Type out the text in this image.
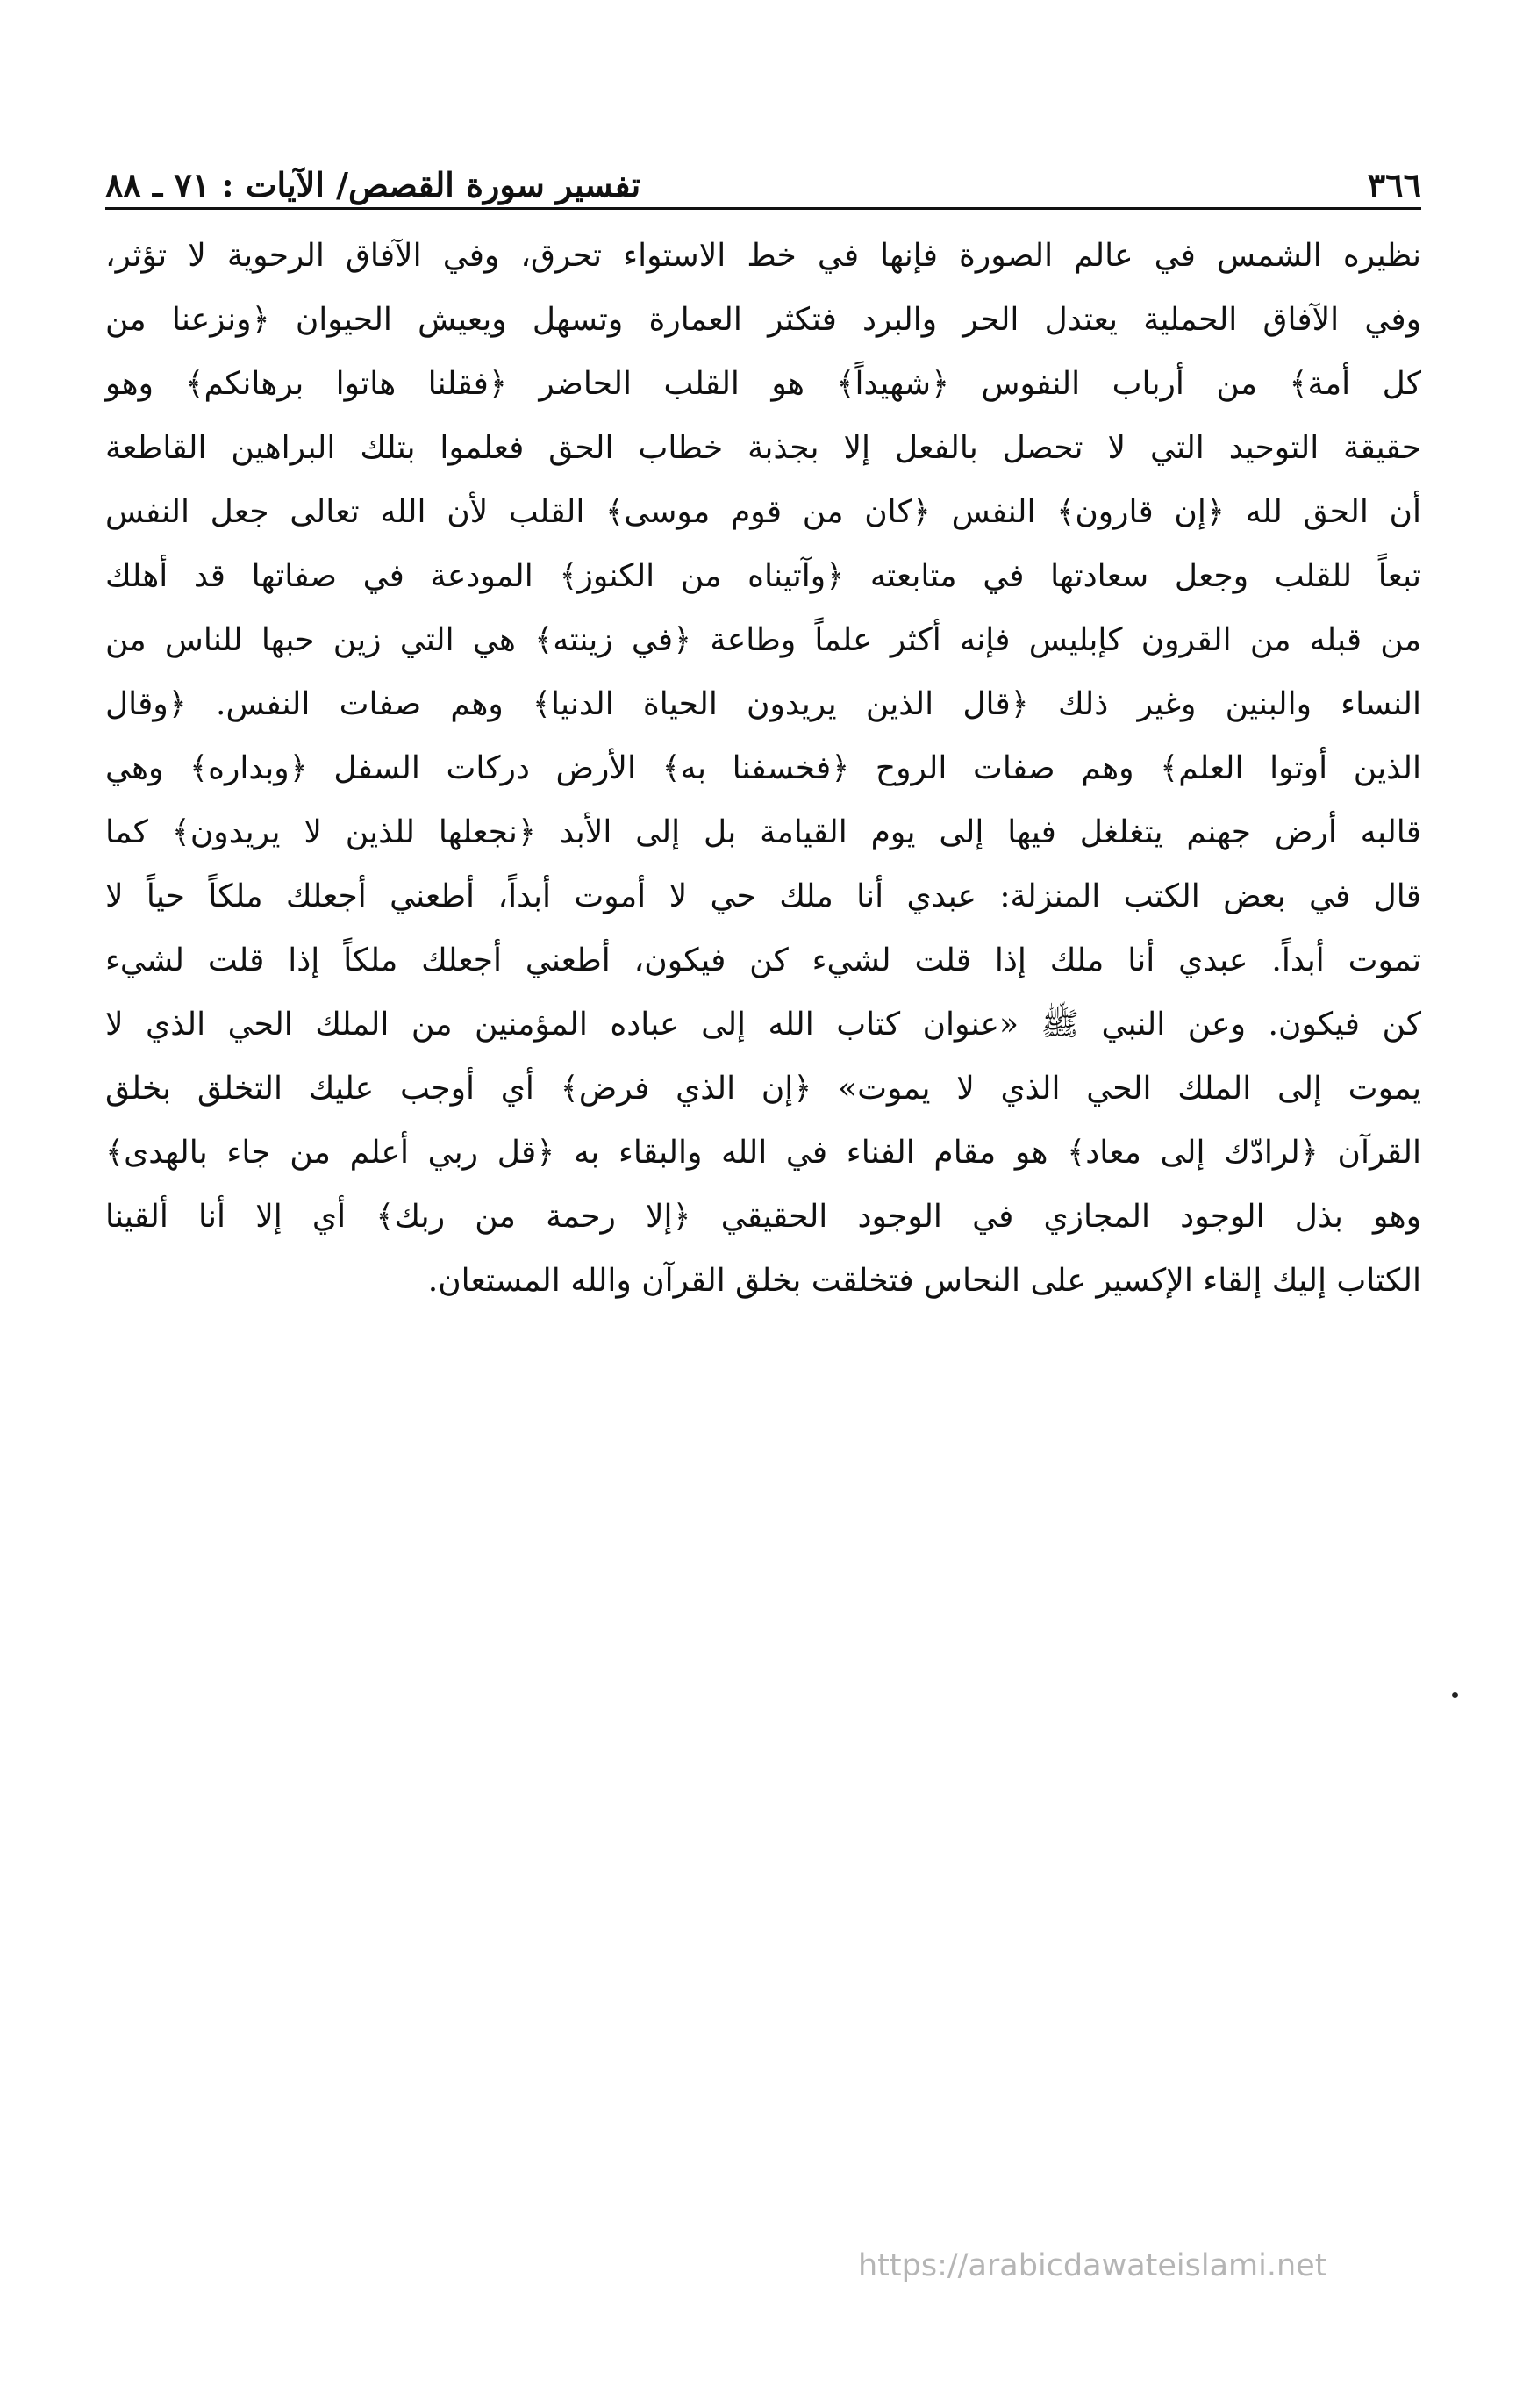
٣٦٦
تفسير سورة القصص/ الآيات : ٧١ ـ ٨٨
نظيره الشمس في عالم الصورة فإنها في خط الاستواء تحرق، وفي الآفاق الرحوية لا تؤثر،
وفي الآفاق الحملية يعتدل الحر والبرد فتكثر العمارة وتسهل ويعيش الحيوان ﴿ونزعنا من
كل أمة﴾ من أرباب النفوس ﴿شهيداً﴾ هو القلب الحاضر ﴿فقلنا هاتوا برهانكم﴾ وهو
حقيقة التوحيد التي لا تحصل بالفعل إلا بجذبة خطاب الحق فعلموا بتلك البراهين القاطعة
أن الحق لله ﴿إن قارون﴾ النفس ﴿كان من قوم موسى﴾ القلب لأن الله تعالى جعل النفس
تبعاً للقلب وجعل سعادتها في متابعته ﴿وآتيناه من الكنوز﴾ المودعة في صفاتها قد أهلك
من قبله من القرون كإبليس فإنه أكثر علماً وطاعة ﴿في زينته﴾ هي التي زين حبها للناس من
النساء والبنين وغير ذلك ﴿قال الذين يريدون الحياة الدنيا﴾ وهم صفات النفس. ﴿وقال
الذين أوتوا العلم﴾ وهم صفات الروح ﴿فخسفنا به﴾ الأرض دركات السفل ﴿وبداره﴾ وهي
قالبه أرض جهنم يتغلغل فيها إلى يوم القيامة بل إلى الأبد ﴿نجعلها للذين لا يريدون﴾ كما
قال في بعض الكتب المنزلة: عبدي أنا ملك حي لا أموت أبداً، أطعني أجعلك ملكاً حياً لا
تموت أبداً. عبدي أنا ملك إذا قلت لشيء كن فيكون، أطعني أجعلك ملكاً إذا قلت لشيء
كن فيكون. وعن النبي ﷺ «عنوان كتاب الله إلى عباده المؤمنين من الملك الحي الذي لا
يموت إلى الملك الحي الذي لا يموت» ﴿إن الذي فرض﴾ أي أوجب عليك التخلق بخلق
القرآن ﴿لرادّك إلى معاد﴾ هو مقام الفناء في الله والبقاء به ﴿قل ربي أعلم من جاء بالهدى﴾
وهو بذل الوجود المجازي في الوجود الحقيقي ﴿إلا رحمة من ربك﴾ أي إلا أنا ألقينا
الكتاب إليك إلقاء الإكسير على النحاس فتخلقت بخلق القرآن والله المستعان.
https://arabicdawateislami.net
